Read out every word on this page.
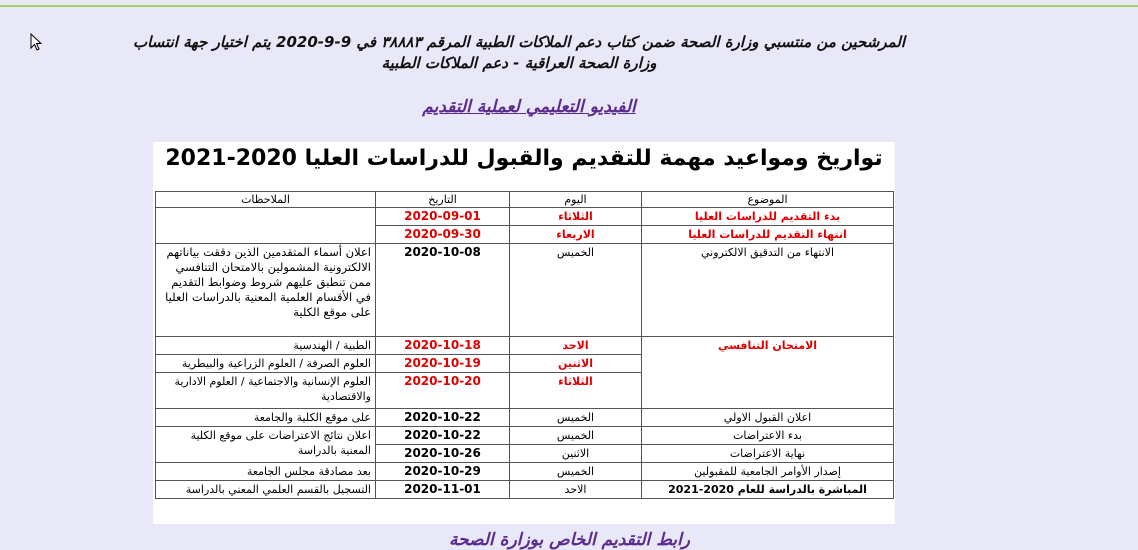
المرشحين من منتسبي وزارة الصحة ضمن كتاب دعم الملاكات الطبية المرقم ٣٨٨٨٣ في 9-9-2020 يتم اختيار جهة انتساب
وزارة الصحة العراقية - دعم الملاكات الطبية
الفيديو التعليمي لعملية التقديم
تواريخ ومواعيد مهمة للتقديم والقبول للدراسات العليا 2020-2021
الموضوع	اليوم	التاريخ	الملاحظات
بدء التقديم للدراسات العليا	الثلاثاء	2020-09-01	
انتهاء التقديم للدراسات العليا	الاربعاء	2020-09-30	
الانتهاء من التدقيق الالكتروني	الخميس	2020-10-08	اعلان أسماء المتقدمين الذين دققت بياناتهم الالكترونية المشمولين بالامتحان التنافسي ممن تنطبق عليهم شروط وضوابط التقديم في الأقسام العلمية المعنية بالدراسات العليا على موقع الكلية
الامتحان التنافسي	الاحد	2020-10-18	الطبية / الهندسية
	الاثنين	2020-10-19	العلوم الصرفة / العلوم الزراعية والبيطرية
	الثلاثاء	2020-10-20	العلوم الإنسانية والاجتماعية / العلوم الادارية والاقتصادية
اعلان القبول الاولي	الخميس	2020-10-22	على موقع الكلية والجامعة
بدء الاعتراضات	الخميس	2020-10-22	اعلان نتائج الاعتراضات على موقع الكلية المعنية بالدراسة
نهاية الاعتراضات	الاثنين	2020-10-26	
إصدار الأوامر الجامعية للمقبولين	الخميس	2020-10-29	بعد مصادقة مجلس الجامعة
المباشرة بالدراسة للعام 2020-2021	الاحد	2020-11-01	التسجيل بالقسم العلمي المعني بالدراسة
رابط التقديم الخاص بوزارة الصحة
